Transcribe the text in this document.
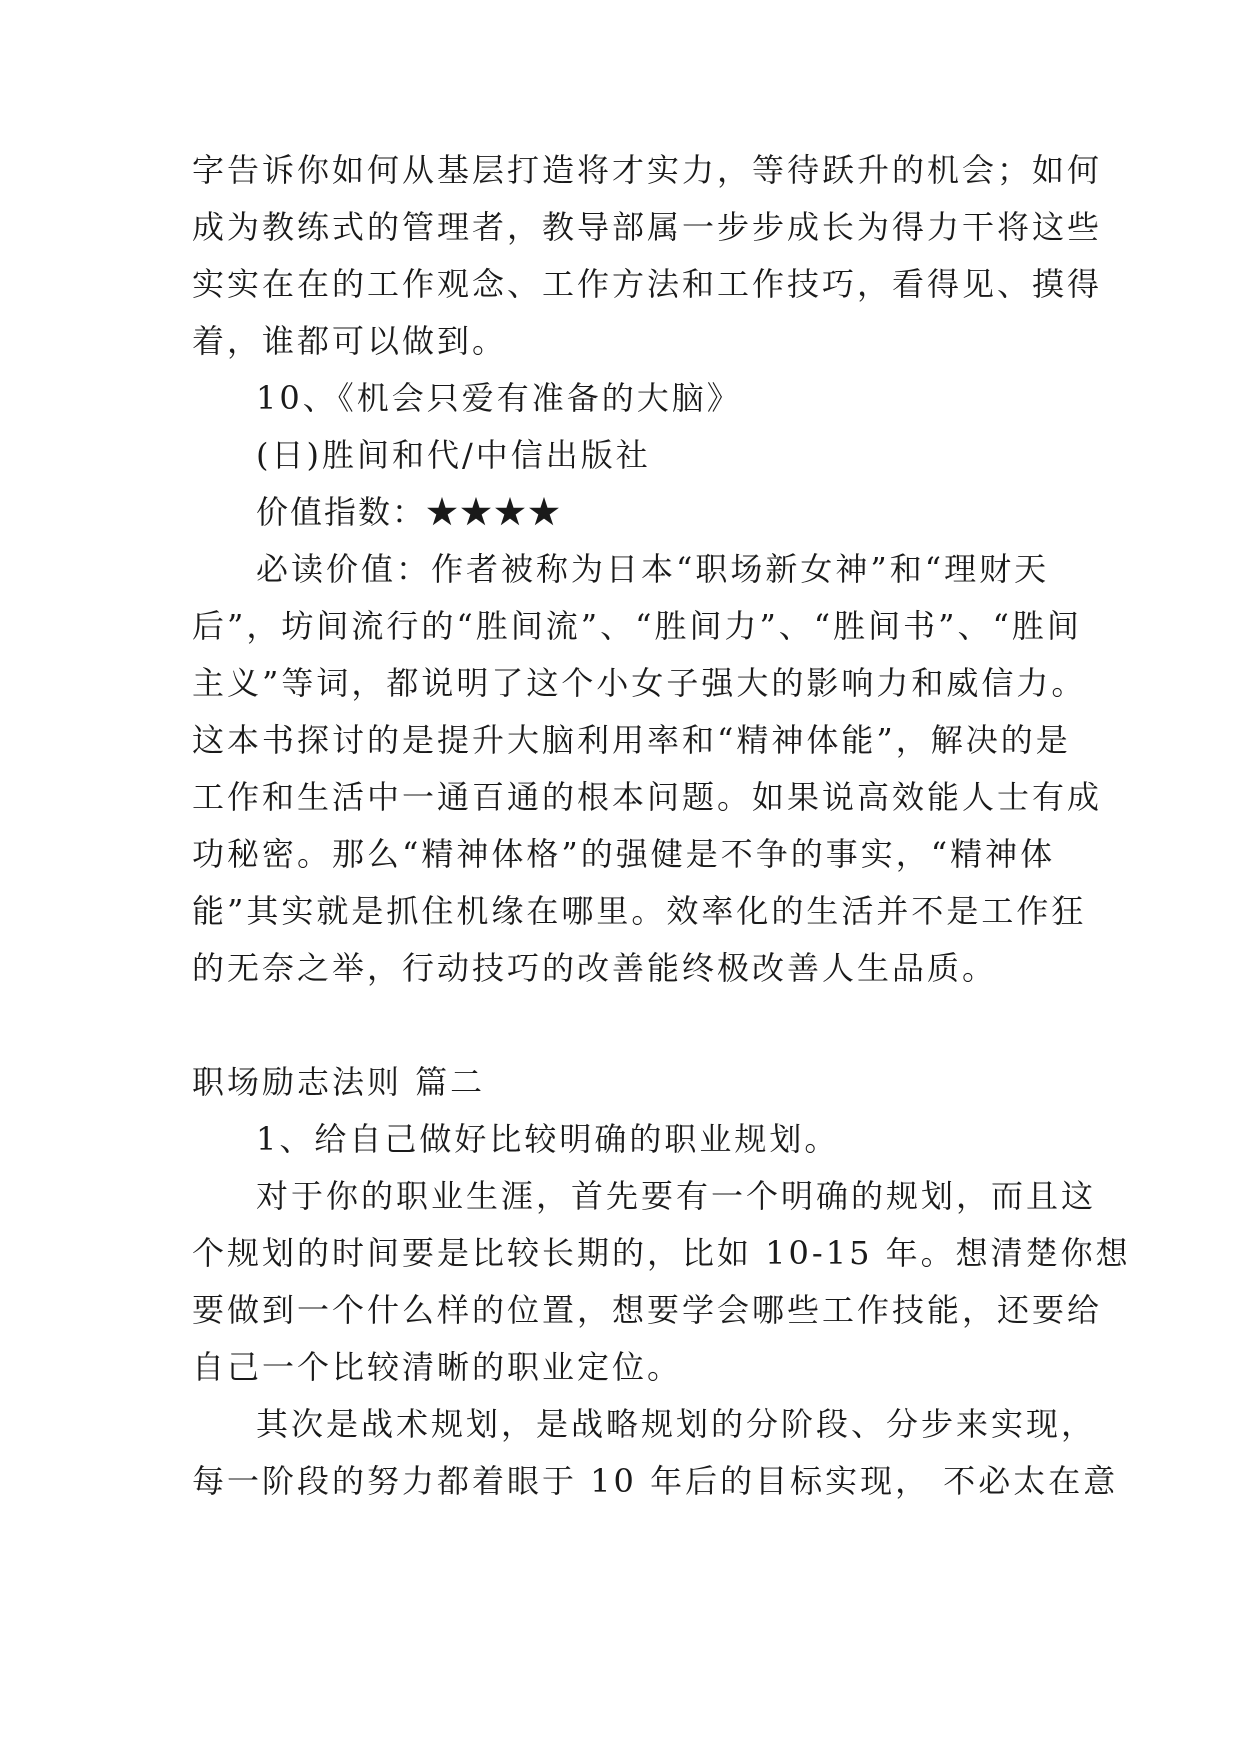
字告诉你如何从基层打造将才实力，等待跃升的机会；如何
成为教练式的管理者，教导部属一步步成长为得力干将这些
实实在在的工作观念、工作方法和工作技巧，看得见、摸得
着，谁都可以做到。
10、《机会只爱有准备的大脑》
(日)胜间和代/中信出版社
价值指数：★★★★
必读价值：作者被称为日本“职场新女神”和“理财天
后”，坊间流行的“胜间流”、“胜间力”、“胜间书”、“胜间
主义”等词，都说明了这个小女子强大的影响力和威信力。
这本书探讨的是提升大脑利用率和“精神体能”，解决的是
工作和生活中一通百通的根本问题。如果说高效能人士有成
功秘密。那么“精神体格”的强健是不争的事实，“精神体
能”其实就是抓住机缘在哪里。效率化的生活并不是工作狂
的无奈之举，行动技巧的改善能终极改善人生品质。
职场励志法则 篇二
1、给自己做好比较明确的职业规划。
对于你的职业生涯，首先要有一个明确的规划，而且这
个规划的时间要是比较长期的，比如 10-15 年。想清楚你想
要做到一个什么样的位置，想要学会哪些工作技能，还要给
自己一个比较清晰的职业定位。
其次是战术规划，是战略规划的分阶段、分步来实现，
每一阶段的努力都着眼于 10 年后的目标实现， 不必太在意
